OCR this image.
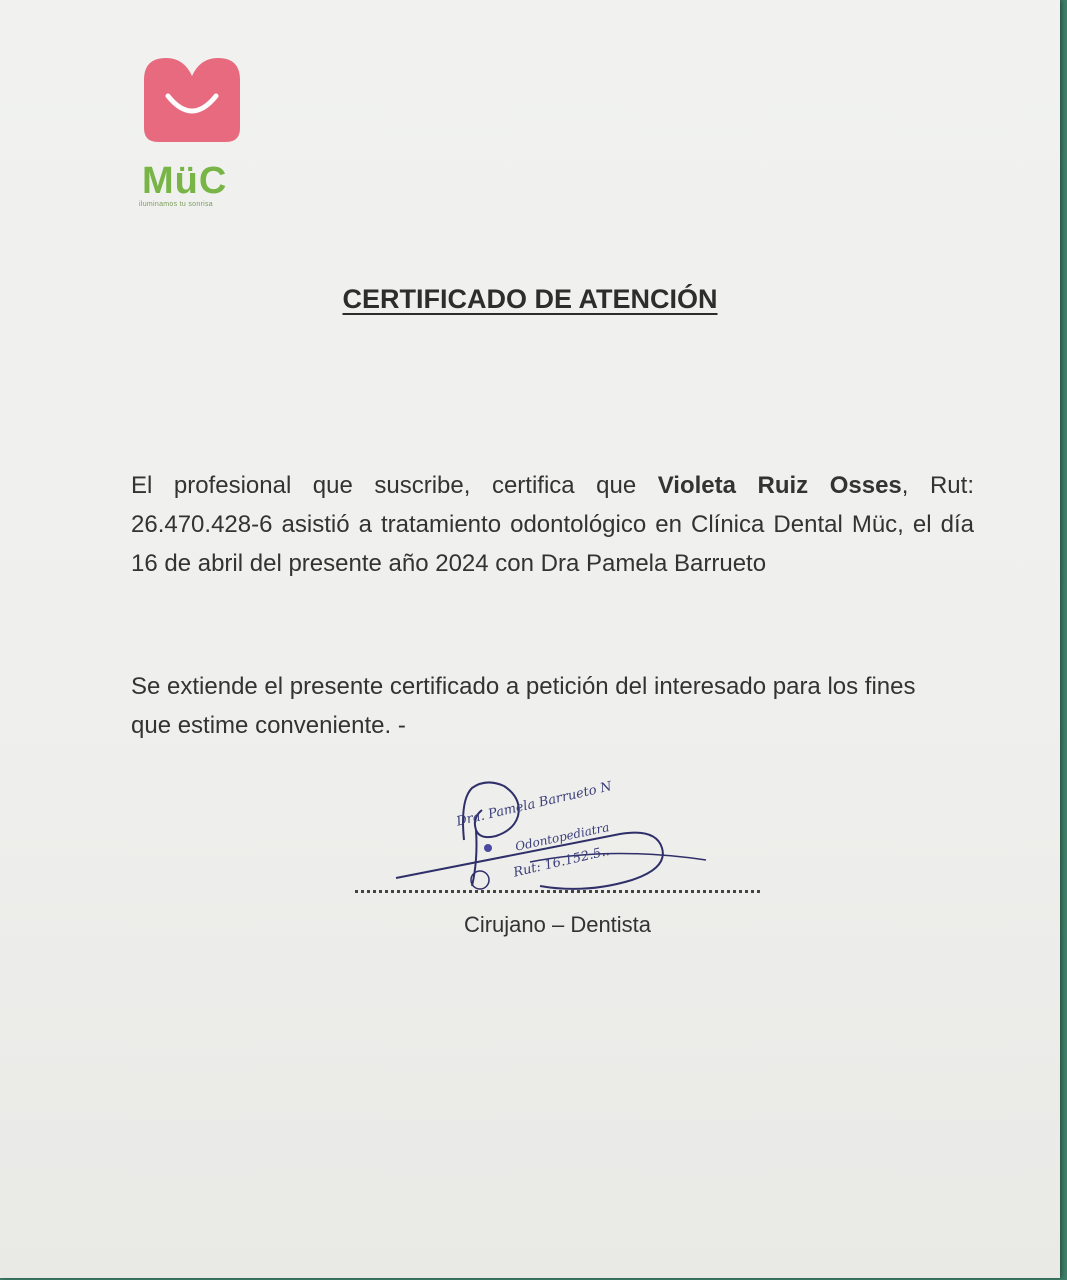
MüC
iluminamos tu sonrisa
CERTIFICADO DE ATENCIÓN

El profesional que suscribe, certifica que Violeta Ruiz Osses, Rut: 26.470.428-6 asistió a tratamiento odontológico en Clínica Dental Müc, el día 16 de abril del presente año 2024 con Dra Pamela Barrueto

Se extiende el presente certificado a petición del interesado para los fines que estime conveniente. -

Dra. Pamela Barrueto N
Odontopediatra
Rut: 16.152.5..
Cirujano – Dentista
